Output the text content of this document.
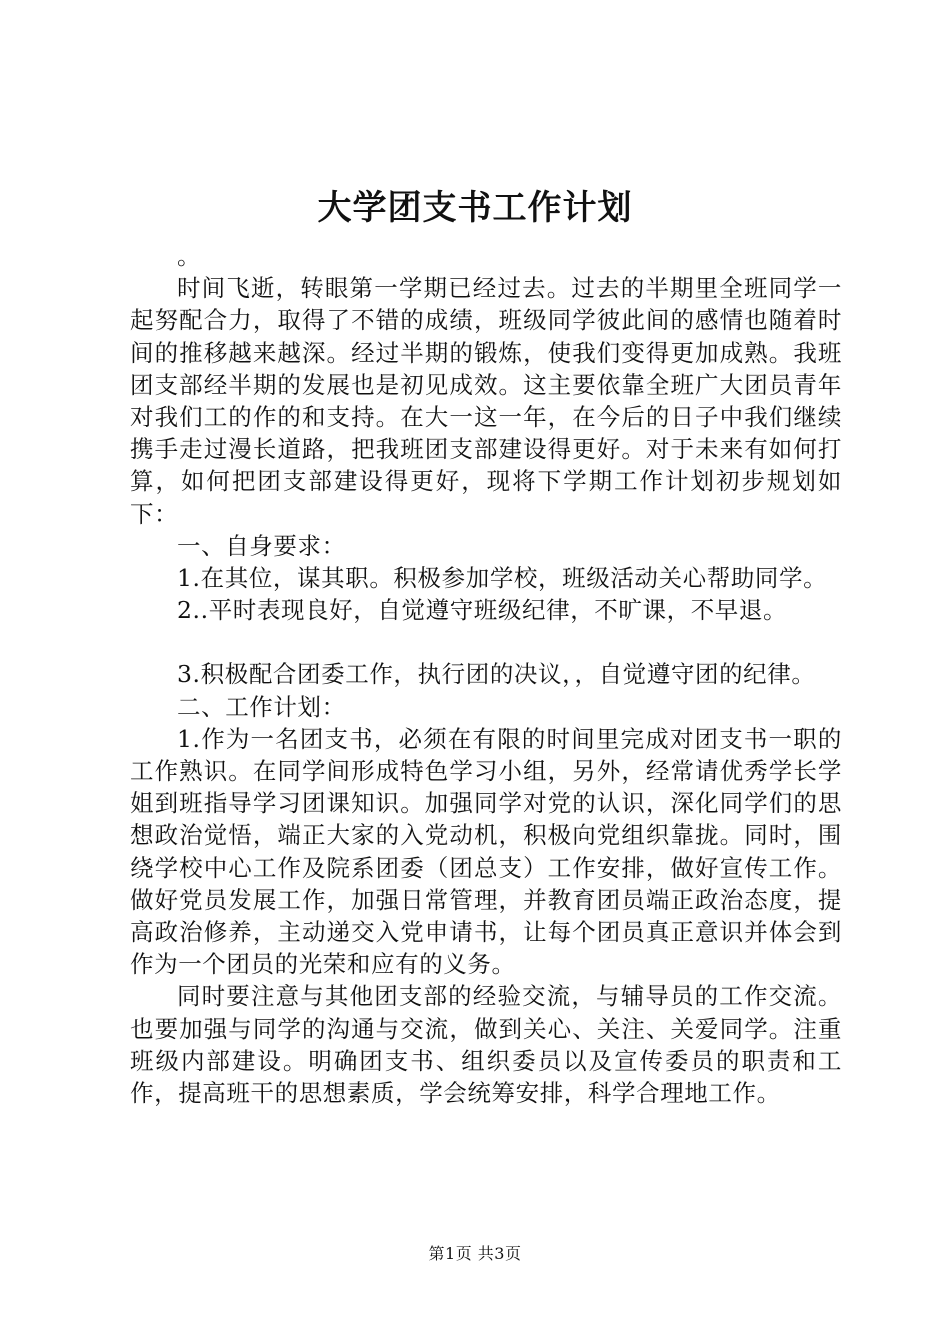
大学团支书工作计划

。

时间飞逝，转眼第一学期已经过去。过去的半期里全班同学一起努配合力，取得了不错的成绩，班级同学彼此间的感情也随着时间的推移越来越深。经过半期的锻炼，使我们变得更加成熟。我班团支部经半期的发展也是初见成效。这主要依靠全班广大团员青年对我们工的作的和支持。在大一这一年，在今后的日子中我们继续携手走过漫长道路，把我班团支部建设得更好。对于未来有如何打算，如何把团支部建设得更好，现将下学期工作计划初步规划如下：

一、自身要求：

1.在其位，谋其职。积极参加学校，班级活动关心帮助同学。

2..平时表现良好，自觉遵守班级纪律，不旷课，不早退。

3.积极配合团委工作，执行团的决议，，自觉遵守团的纪律。

二、工作计划：

1.作为一名团支书，必须在有限的时间里完成对团支书一职的工作熟识。在同学间形成特色学习小组，另外，经常请优秀学长学姐到班指导学习团课知识。加强同学对党的认识，深化同学们的思想政治觉悟，端正大家的入党动机，积极向党组织靠拢。同时，围绕学校中心工作及院系团委（团总支）工作安排，做好宣传工作。做好党员发展工作，加强日常管理，并教育团员端正政治态度，提高政治修养，主动递交入党申请书，让每个团员真正意识并体会到作为一个团员的光荣和应有的义务。

同时要注意与其他团支部的经验交流，与辅导员的工作交流。也要加强与同学的沟通与交流，做到关心、关注、关爱同学。注重班级内部建设。明确团支书、组织委员以及宣传委员的职责和工作，提高班干的思想素质，学会统筹安排，科学合理地工作。

第1页 共3页
